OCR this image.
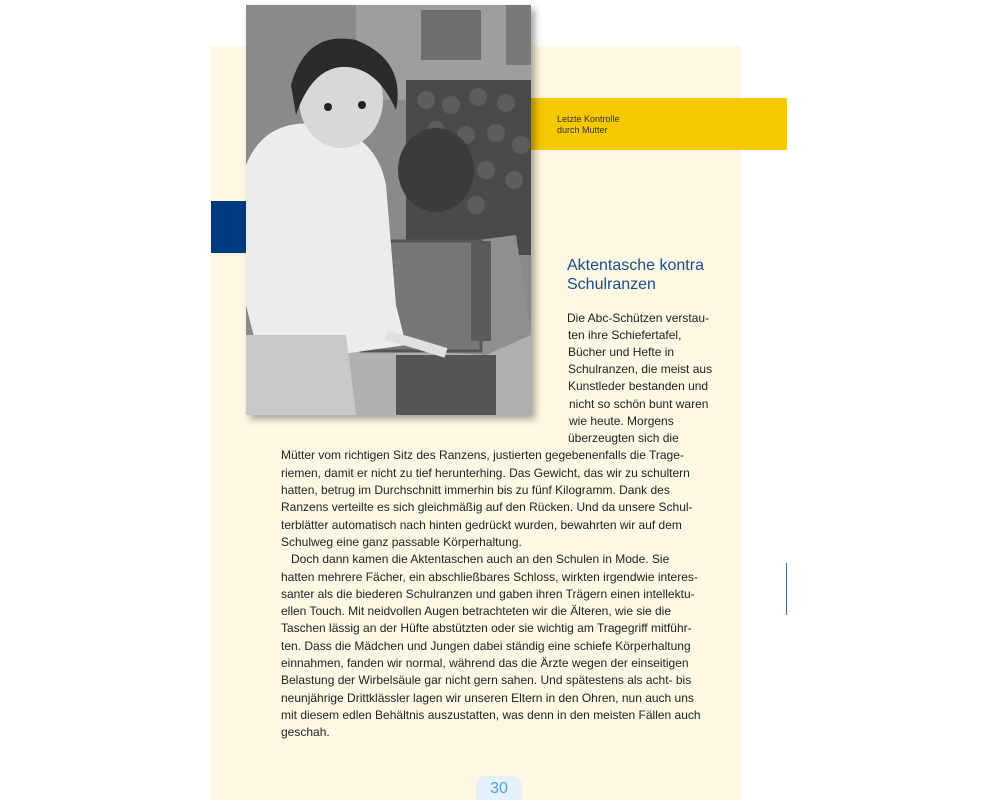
Letzte Kontrolle
durch Mutter
Aktentasche kontra Schulranzen
Die Abc-Schützen verstau-
ten ihre Schiefertafel,
Bücher und Hefte in
Schulranzen, die meist aus
Kunstleder bestanden und
nicht so schön bunt waren
wie heute. Morgens
überzeugten sich die
Mütter vom richtigen Sitz des Ranzens, justierten gegebenenfalls die Trage-
riemen, damit er nicht zu tief herunterhing. Das Gewicht, das wir zu schultern
hatten, betrug im Durchschnitt immerhin bis zu fünf Kilogramm. Dank des
Ranzens verteilte es sich gleichmäßig auf den Rücken. Und da unsere Schul-
terblätter automatisch nach hinten gedrückt wurden, bewahrten wir auf dem
Schulweg eine ganz passable Körperhaltung.
Doch dann kamen die Aktentaschen auch an den Schulen in Mode. Sie
hatten mehrere Fächer, ein abschließbares Schloss, wirkten irgendwie interes-
santer als die biederen Schulranzen und gaben ihren Trägern einen intellektu-
ellen Touch. Mit neidvollen Augen betrachteten wir die Älteren, wie sie die
Taschen lässig an der Hüfte abstützten oder sie wichtig am Tragegriff mitführ-
ten. Dass die Mädchen und Jungen dabei ständig eine schiefe Körperhaltung
einnahmen, fanden wir normal, während das die Ärzte wegen der einseitigen
Belastung der Wirbelsäule gar nicht gern sahen. Und spätestens als acht- bis
neunjährige Drittklässler lagen wir unseren Eltern in den Ohren, nun auch uns
mit diesem edlen Behältnis auszustatten, was denn in den meisten Fällen auch
geschah.
30
